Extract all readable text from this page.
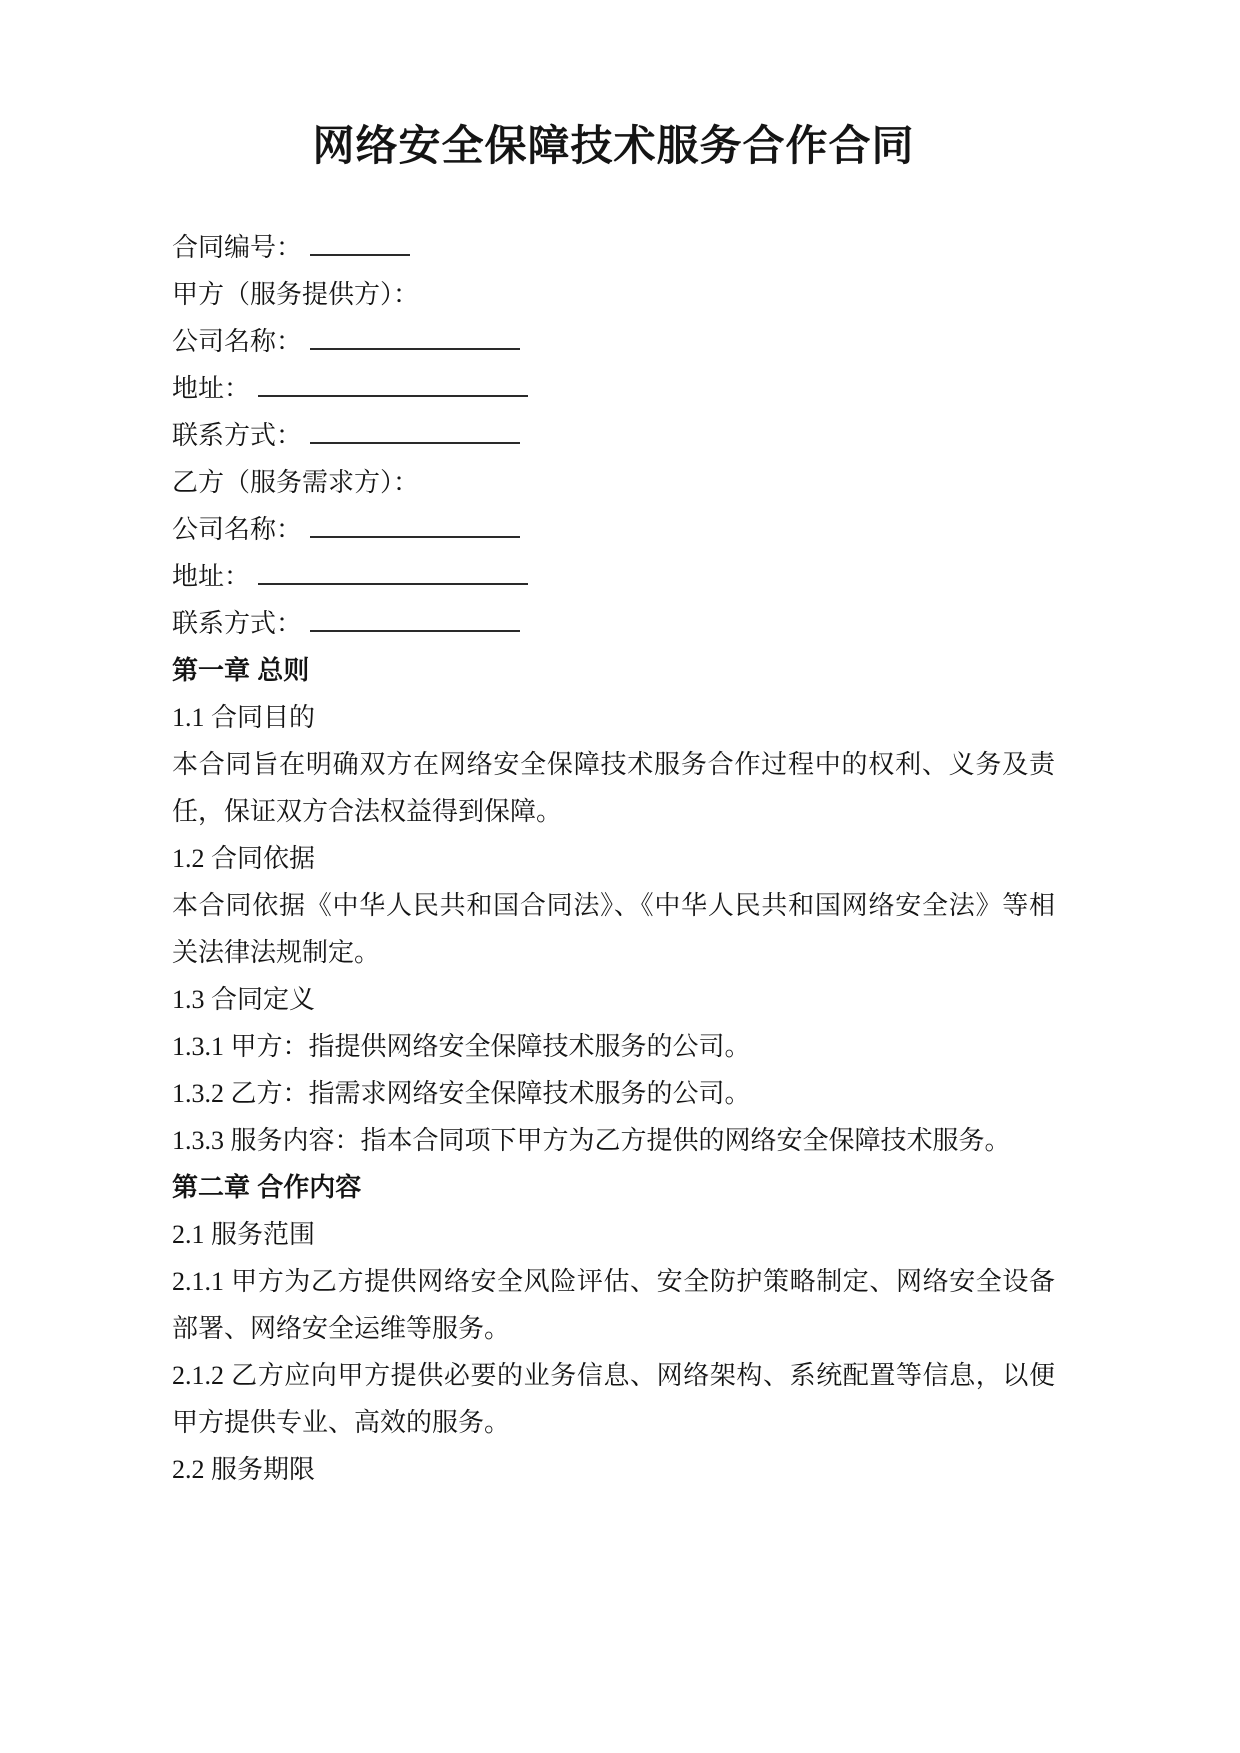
网络安全保障技术服务合作合同
合同编号：
甲方（服务提供方）：
公司名称：
地址：
联系方式：
乙方（服务需求方）：
公司名称：
地址：
联系方式：
第一章 总则

1.1 合同目的

本合同旨在明确双方在网络安全保障技术服务合作过程中的权利、义务及责任，保证双方合法权益得到保障。

1.2 合同依据

本合同依据《中华人民共和国合同法》、《中华人民共和国网络安全法》等相关法律法规制定。

1.3 合同定义

1.3.1 甲方：指提供网络安全保障技术服务的公司。

1.3.2 乙方：指需求网络安全保障技术服务的公司。

1.3.3 服务内容：指本合同项下甲方为乙方提供的网络安全保障技术服务。

第二章 合作内容

2.1 服务范围

2.1.1 甲方为乙方提供网络安全风险评估、安全防护策略制定、网络安全设备部署、网络安全运维等服务。

2.1.2 乙方应向甲方提供必要的业务信息、网络架构、系统配置等信息，以便甲方提供专业、高效的服务。

2.2 服务期限
